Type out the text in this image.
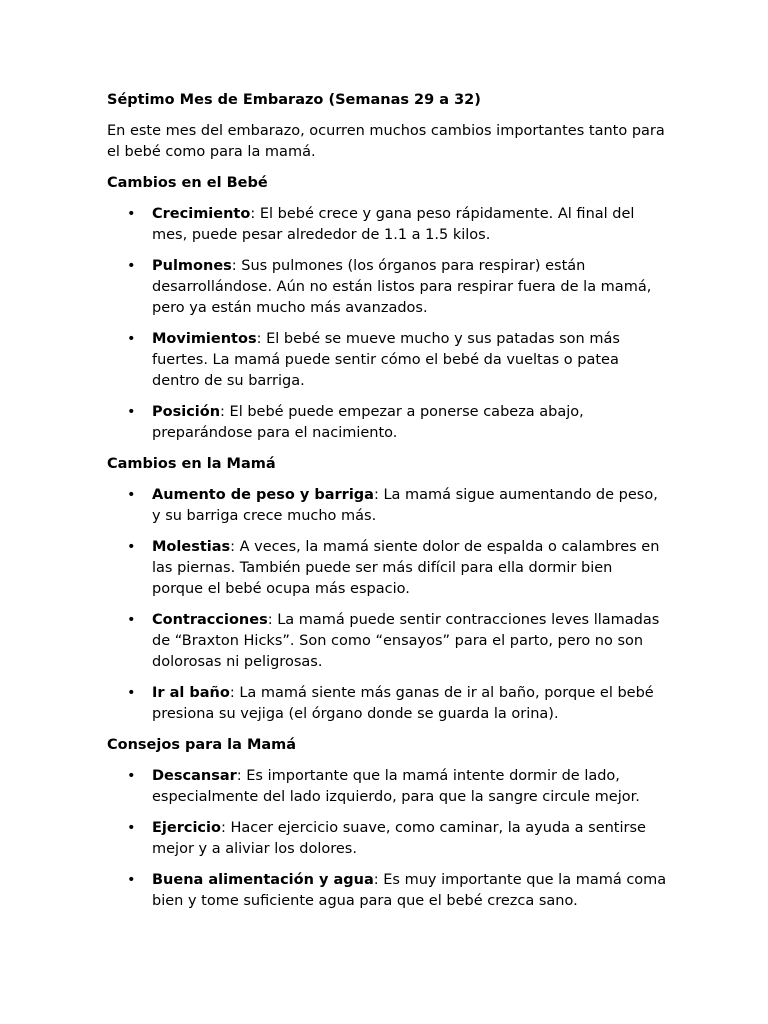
Séptimo Mes de Embarazo (Semanas 29 a 32)

En este mes del embarazo, ocurren muchos cambios importantes tanto para el bebé como para la mamá.

Cambios en el Bebé

• Crecimiento: El bebé crece y gana peso rápidamente. Al final del mes, puede pesar alrededor de 1.1 a 1.5 kilos.
• Pulmones: Sus pulmones (los órganos para respirar) están desarrollándose. Aún no están listos para respirar fuera de la mamá, pero ya están mucho más avanzados.
• Movimientos: El bebé se mueve mucho y sus patadas son más fuertes. La mamá puede sentir cómo el bebé da vueltas o patea dentro de su barriga.
• Posición: El bebé puede empezar a ponerse cabeza abajo, preparándose para el nacimiento.

Cambios en la Mamá

• Aumento de peso y barriga: La mamá sigue aumentando de peso, y su barriga crece mucho más.
• Molestias: A veces, la mamá siente dolor de espalda o calambres en las piernas. También puede ser más difícil para ella dormir bien porque el bebé ocupa más espacio.
• Contracciones: La mamá puede sentir contracciones leves llamadas de “Braxton Hicks”. Son como “ensayos” para el parto, pero no son dolorosas ni peligrosas.
• Ir al baño: La mamá siente más ganas de ir al baño, porque el bebé presiona su vejiga (el órgano donde se guarda la orina).

Consejos para la Mamá

• Descansar: Es importante que la mamá intente dormir de lado, especialmente del lado izquierdo, para que la sangre circule mejor.
• Ejercicio: Hacer ejercicio suave, como caminar, la ayuda a sentirse mejor y a aliviar los dolores.
• Buena alimentación y agua: Es muy importante que la mamá coma bien y tome suficiente agua para que el bebé crezca sano.
